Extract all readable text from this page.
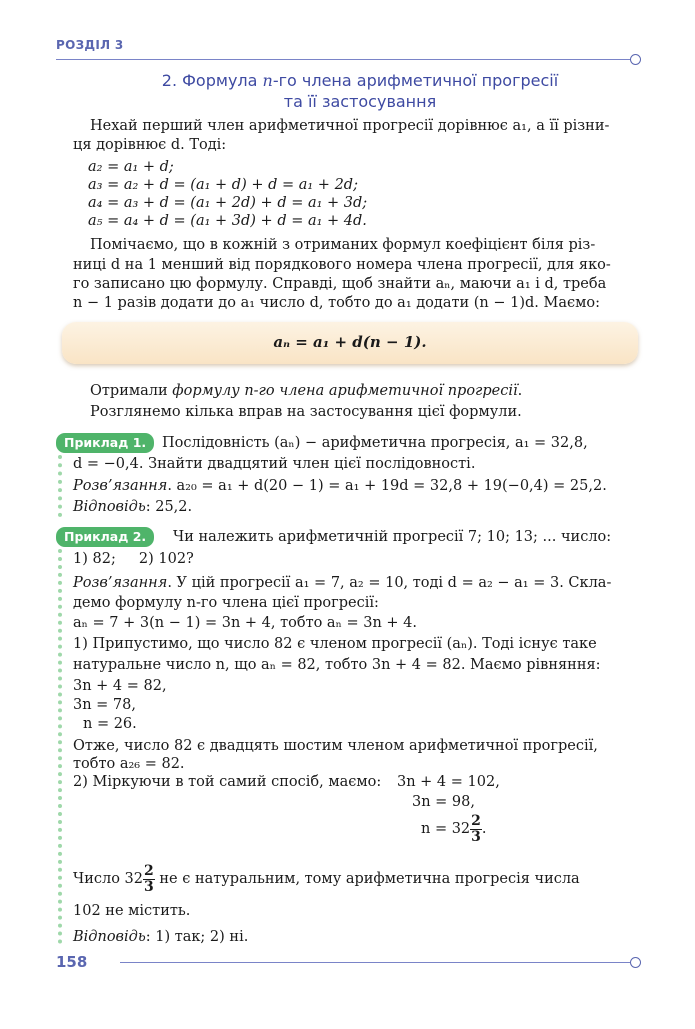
РОЗДІЛ 3
2. Формула n-го члена арифметичної прогресії
та її застосування
Нехай перший член арифметичної прогресії дорівнює a₁, а її різни-
ця дорівнює d. Тоді:
a₂ = a₁ + d;
a₃ = a₂ + d = (a₁ + d) + d = a₁ + 2d;
a₄ = a₃ + d = (a₁ + 2d) + d = a₁ + 3d;
a₅ = a₄ + d = (a₁ + 3d) + d = a₁ + 4d.
Помічаємо, що в кожній з отриманих формул коефіцієнт біля різ-
ниці d на 1 менший від порядкового номера члена прогресії, для яко-
го записано цю формулу. Справді, щоб знайти aₙ, маючи a₁ і d, треба
n − 1 разів додати до a₁ число d, тобто до a₁ додати (n − 1)d. Маємо:
aₙ = a₁ + d(n − 1).
Отримали формулу n-го члена арифметичної прогресії.
Розглянемо кілька вправ на застосування цієї формули.
Приклад 1.	Послідовність (aₙ) − арифметична прогресія, a₁ = 32,8,
d = −0,4. Знайти двадцятий член цієї послідовності.
Розв’язання. a₂₀ = a₁ + d(20 − 1) = a₁ + 19d = 32,8 + 19(−0,4) = 25,2.
Відповідь: 25,2.
Приклад 2.	Чи належить арифметичній прогресії 7; 10; 13; ... число:
1) 82;     2) 102?
Розв’язання. У цій прогресії a₁ = 7, a₂ = 10, тоді d = a₂ − a₁ = 3. Скла-
демо формулу n-го члена цієї прогресії:
aₙ = 7 + 3(n − 1) = 3n + 4, тобто aₙ = 3n + 4.
1) Припустимо, що число 82 є членом прогресії (aₙ). Тоді існує таке
натуральне число n, що aₙ = 82, тобто 3n + 4 = 82. Маємо рівняння:
3n + 4 = 82,
3n = 78,
n = 26.
Отже, число 82 є двадцять шостим членом арифметичної прогресії,
тобто a₂₆ = 82.
2) Міркуючи в той самий спосіб, маємо: 3n + 4 = 102,
3n = 98,
$n = 32 \frac{2}{3}$ .
Число $32 \frac{2}{3}$ не є натуральним, тому арифметична прогресія числа
102 не містить.
Відповідь: 1) так; 2) ні.
158
